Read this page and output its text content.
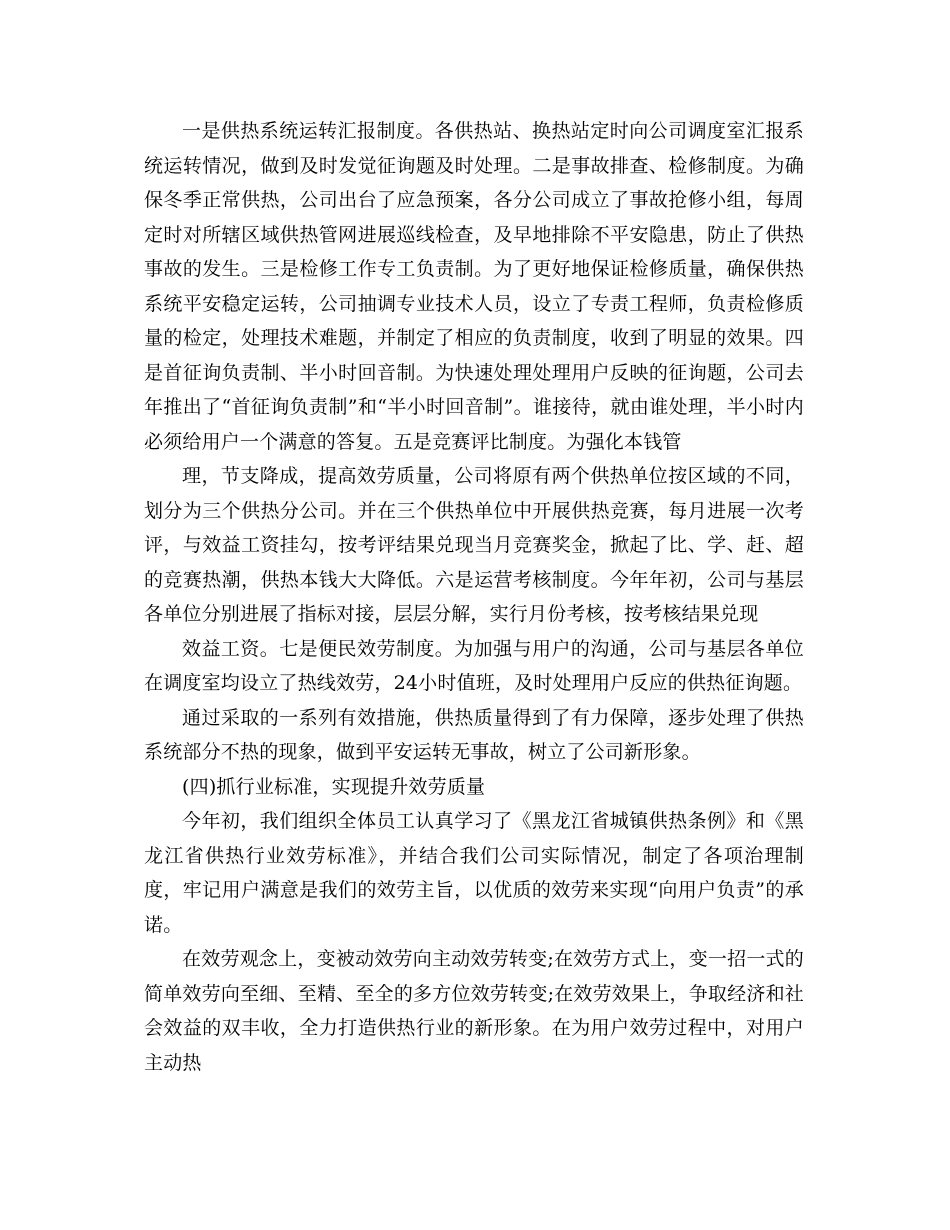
一是供热系统运转汇报制度。各供热站、换热站定时向公司调度室汇报系统运转情况，做到及时发觉征询题及时处理。二是事故排查、检修制度。为确保冬季正常供热，公司出台了应急预案，各分公司成立了事故抢修小组，每周定时对所辖区域供热管网进展巡线检查，及早地排除不平安隐患，防止了供热事故的发生。三是检修工作专工负责制。为了更好地保证检修质量，确保供热系统平安稳定运转，公司抽调专业技术人员，设立了专责工程师，负责检修质量的检定，处理技术难题，并制定了相应的负责制度，收到了明显的效果。四是首征询负责制、半小时回音制。为快速处理处理用户反映的征询题，公司去年推出了“首征询负责制”和“半小时回音制”。谁接待，就由谁处理，半小时内必须给用户一个满意的答复。五是竞赛评比制度。为强化本钱管

理，节支降成，提高效劳质量，公司将原有两个供热单位按区域的不同，划分为三个供热分公司。并在三个供热单位中开展供热竞赛，每月进展一次考评，与效益工资挂勾，按考评结果兑现当月竞赛奖金，掀起了比、学、赶、超的竞赛热潮，供热本钱大大降低。六是运营考核制度。今年年初，公司与基层各单位分别进展了指标对接，层层分解，实行月份考核，按考核结果兑现

效益工资。七是便民效劳制度。为加强与用户的沟通，公司与基层各单位在调度室均设立了热线效劳，24小时值班，及时处理用户反应的供热征询题。

通过采取的一系列有效措施，供热质量得到了有力保障，逐步处理了供热系统部分不热的现象，做到平安运转无事故，树立了公司新形象。

(四)抓行业标准，实现提升效劳质量

今年初，我们组织全体员工认真学习了《黑龙江省城镇供热条例》和《黑龙江省供热行业效劳标准》，并结合我们公司实际情况，制定了各项治理制度，牢记用户满意是我们的效劳主旨，以优质的效劳来实现“向用户负责”的承诺。

在效劳观念上，变被动效劳向主动效劳转变;在效劳方式上，变一招一式的简单效劳向至细、至精、至全的多方位效劳转变;在效劳效果上，争取经济和社会效益的双丰收，全力打造供热行业的新形象。在为用户效劳过程中，对用户主动热
